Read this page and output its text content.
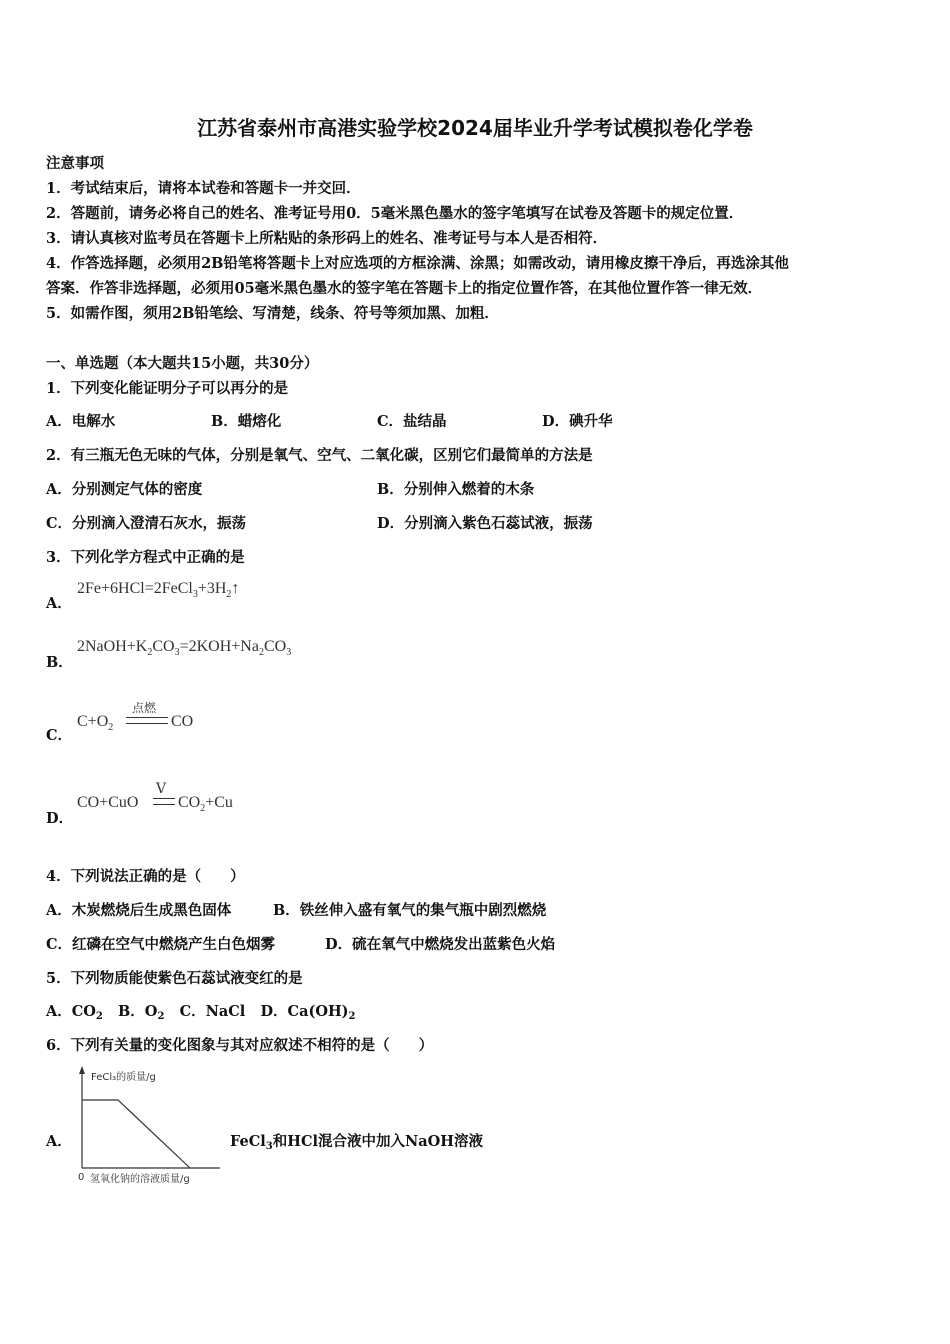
江苏省泰州市高港实验学校2024届毕业升学考试模拟卷化学卷
注意事项
1．考试结束后，请将本试卷和答题卡一并交回．
2．答题前，请务必将自己的姓名、准考证号用0．5毫米黑色墨水的签字笔填写在试卷及答题卡的规定位置．
3．请认真核对监考员在答题卡上所粘贴的条形码上的姓名、准考证号与本人是否相符．
4．作答选择题，必须用2B铅笔将答题卡上对应选项的方框涂满、涂黑；如需改动，请用橡皮擦干净后，再选涂其他
答案．作答非选择题，必须用05毫米黑色墨水的签字笔在答题卡上的指定位置作答，在其他位置作答一律无效．
5．如需作图，须用2B铅笔绘、写清楚，线条、符号等须加黑、加粗．
一、单选题（本大题共15小题，共30分）
1．下列变化能证明分子可以再分的是
A．电解水	B．蜡熔化	C．盐结晶	D．碘升华
2．有三瓶无色无味的气体，分别是氧气、空气、二氧化碳，区别它们最简单的方法是
A．分别测定气体的密度	B．分别伸入燃着的木条
C．分别滴入澄清石灰水，振荡	D．分别滴入紫色石蕊试液，振荡
3．下列化学方程式中正确的是
A．
$2Fe+6HCl=2FeCl_3+3H_2↑$
B．
$2NaOH+K_2CO_3=2KOH+Na_2CO_3$
C．
$C+O_2$
点燃
CO
D．
CO+CuO
V
$CO_2+Cu$
4．下列说法正确的是（　　）
A．木炭燃烧后生成黑色固体	B．铁丝伸入盛有氧气的集气瓶中剧烈燃烧
C．红磷在空气中燃烧产生白色烟雾	D．硫在氧气中燃烧发出蓝紫色火焰
5．下列物质能使紫色石蕊试液变红的是
A．$CO_2$ B．$O_2$ C．NaCl D．$Ca(OH)_2$
6．下列有关量的变化图象与其对应叙述不相符的是（　　）
A．
FeCl₃的质量/g
0 氢氧化钠的溶液质量/g
FeCl$_3$和HCl混合液中加入NaOH溶液
